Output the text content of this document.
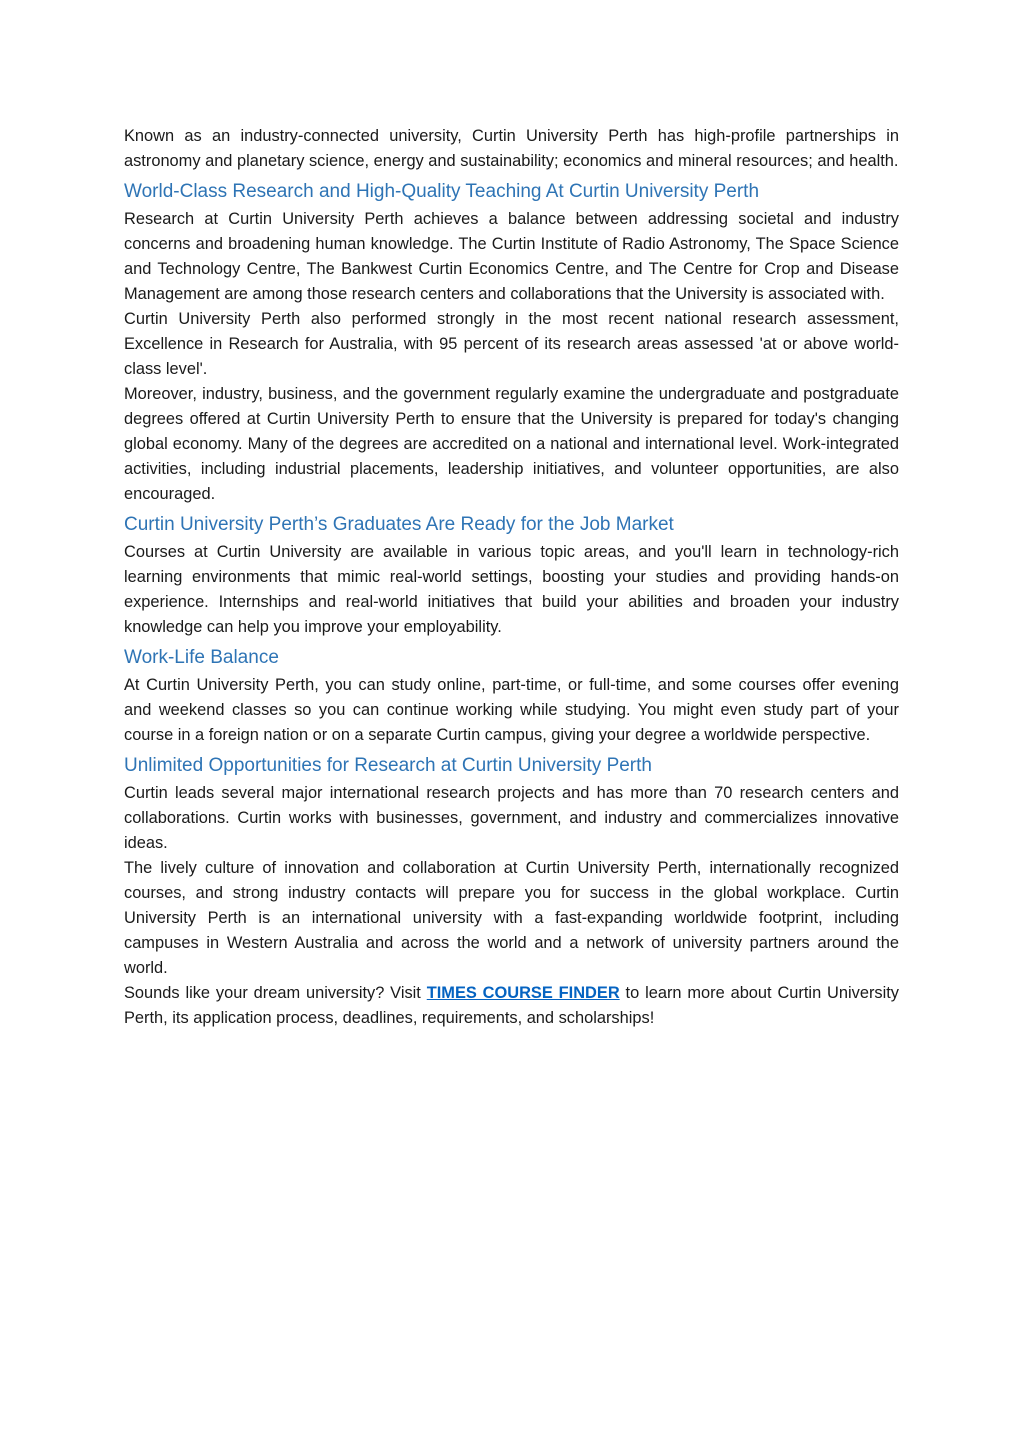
Known as an industry-connected university, Curtin University Perth has high-profile partnerships in astronomy and planetary science, energy and sustainability; economics and mineral resources; and health.

World-Class Research and High-Quality Teaching At Curtin University Perth

Research at Curtin University Perth achieves a balance between addressing societal and industry concerns and broadening human knowledge. The Curtin Institute of Radio Astronomy, The Space Science and Technology Centre, The Bankwest Curtin Economics Centre, and The Centre for Crop and Disease Management are among those research centers and collaborations that the University is associated with.

Curtin University Perth also performed strongly in the most recent national research assessment, Excellence in Research for Australia, with 95 percent of its research areas assessed 'at or above world-class level'.

Moreover, industry, business, and the government regularly examine the undergraduate and postgraduate degrees offered at Curtin University Perth to ensure that the University is prepared for today's changing global economy. Many of the degrees are accredited on a national and international level. Work-integrated activities, including industrial placements, leadership initiatives, and volunteer opportunities, are also encouraged.

Curtin University Perth’s Graduates Are Ready for the Job Market

Courses at Curtin University are available in various topic areas, and you'll learn in technology-rich learning environments that mimic real-world settings, boosting your studies and providing hands-on experience. Internships and real-world initiatives that build your abilities and broaden your industry knowledge can help you improve your employability.

Work-Life Balance

At Curtin University Perth, you can study online, part-time, or full-time, and some courses offer evening and weekend classes so you can continue working while studying. You might even study part of your course in a foreign nation or on a separate Curtin campus, giving your degree a worldwide perspective.

Unlimited Opportunities for Research at Curtin University Perth

Curtin leads several major international research projects and has more than 70 research centers and collaborations. Curtin works with businesses, government, and industry and commercializes innovative ideas.

The lively culture of innovation and collaboration at Curtin University Perth, internationally recognized courses, and strong industry contacts will prepare you for success in the global workplace. Curtin University Perth is an international university with a fast-expanding worldwide footprint, including campuses in Western Australia and across the world and a network of university partners around the world.

Sounds like your dream university? Visit TIMES COURSE FINDER to learn more about Curtin University Perth, its application process, deadlines, requirements, and scholarships!
